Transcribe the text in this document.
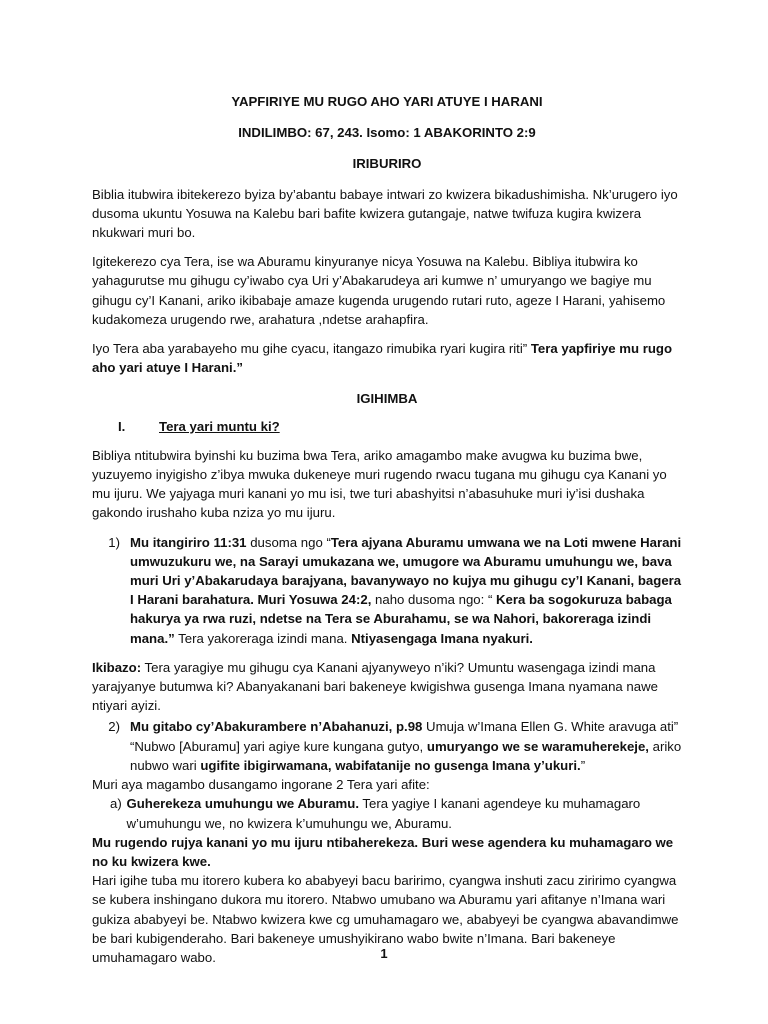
YAPFIRIYE MU RUGO AHO YARI ATUYE I HARANI

INDILIMBO: 67, 243. Isomo: 1 ABAKORINTO 2:9

IRIBURIRO

Biblia itubwira ibitekerezo byiza by’abantu babaye intwari zo kwizera bikadushimisha. Nk’urugero iyo dusoma ukuntu Yosuwa na Kalebu bari bafite kwizera gutangaje, natwe twifuza kugira kwizera nkukwari muri bo.

Igitekerezo cya Tera, ise wa Aburamu kinyuranye nicya Yosuwa na Kalebu. Bibliya itubwira ko yahagurutse mu gihugu cy’iwabo cya Uri y’Abakarudeya ari kumwe n’ umuryango we bagiye mu gihugu cy’I Kanani, ariko ikibabaje amaze kugenda urugendo rutari ruto, ageze I Harani, yahisemo kudakomeza urugendo rwe, arahatura ,ndetse arahapfira.

Iyo Tera aba yarabayeho mu gihe cyacu, itangazo rimubika ryari kugira riti” Tera yapfiriye mu rugo aho yari atuye I Harani.”

IGIHIMBA

I.	Tera yari muntu ki?

Bibliya ntitubwira byinshi ku buzima bwa Tera, ariko amagambo make avugwa ku buzima bwe, yuzuyemo inyigisho z’ibya mwuka dukeneye muri rugendo rwacu tugana mu gihugu cya Kanani yo mu ijuru. We yajyaga muri kanani yo mu isi, twe turi abashyitsi n’abasuhuke muri iy’isi dushaka gakondo irushaho kuba nziza yo mu ijuru.

1) Mu itangiriro 11:31 dusoma ngo “Tera ajyana Aburamu umwana we na Loti mwene Harani umwuzukuru we, na Sarayi umukazana we, umugore wa Aburamu umuhungu we, bava muri Uri y’Abakarudaya barajyana, bavanywayo no kujya mu gihugu cy’I Kanani, bagera I Harani barahatura. Muri Yosuwa 24:2, naho dusoma ngo: “ Kera ba sogokuruza babaga hakurya ya rwa ruzi, ndetse na Tera se Aburahamu, se wa Nahori, bakoreraga izindi mana.” Tera yakoreraga izindi mana. Ntiyasengaga Imana nyakuri.

Ikibazo: Tera yaragiye mu gihugu cya Kanani ajyanyweyo n’iki? Umuntu wasengaga izindi mana yarajyanye butumwa ki? Abanyakanani bari bakeneye kwigishwa gusenga Imana nyamana nawe ntiyari ayizi.

2) Mu gitabo cy’Abakurambere n’Abahanuzi, p.98 Umuja w’Imana Ellen G. White aravuga ati” “Nubwo [Aburamu] yari agiye kure kungana gutyo, umuryango we se waramuherekeje, ariko nubwo wari ugifite ibigirwamana, wabifatanije no gusenga Imana y’ukuri.”

Muri aya magambo dusangamo ingorane 2 Tera yari afite:

a) Guherekeza umuhungu we Aburamu. Tera yagiye I kanani agendeye ku muhamagaro w’umuhungu we, no kwizera k’umuhungu we, Aburamu.

Mu rugendo rujya kanani yo mu ijuru ntibaherekeza. Buri wese agendera ku muhamagaro we no ku kwizera kwe.

Hari igihe tuba mu itorero kubera ko ababyeyi bacu baririmo, cyangwa inshuti zacu ziririmo cyangwa se kubera inshingano dukora mu itorero. Ntabwo umubano wa Aburamu yari afitanye n’Imana wari gukiza ababyeyi be. Ntabwo kwizera kwe cg umuhamagaro we, ababyeyi be cyangwa abavandimwe be bari kubigenderaho. Bari bakeneye umushyikirano wabo bwite n’Imana. Bari bakeneye umuhamagaro wabo.	1
